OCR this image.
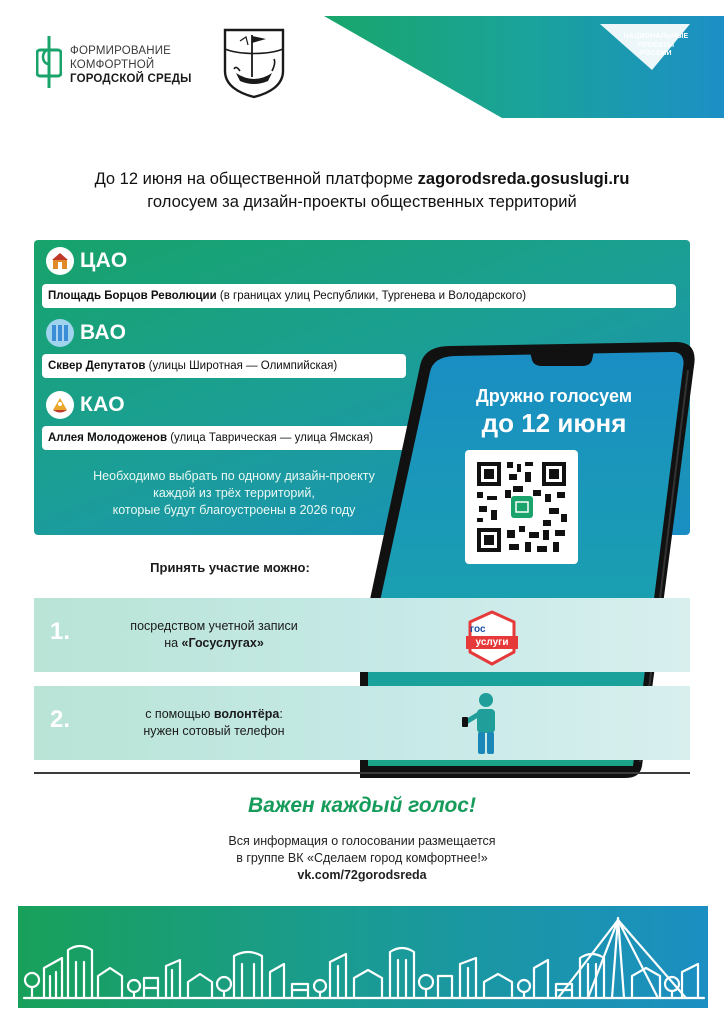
ФОРМИРОВАНИЕ
КОМФОРТНОЙ
ГОРОДСКОЙ СРЕДЫ
НАЦИОНАЛЬНЫЕ
ПРОЕКТЫ
РОССИИ
До 12 июня на общественной платформе zagorodsreda.gosuslugi.ru
голосуем за дизайн-проекты общественных территорий
ЦАО
Площадь Борцов Революции (в границах улиц Республики, Тургенева и Володарского)
ВАО
Сквер Депутатов (улицы Широтная — Олимпийская)
КАО
Аллея Молодоженов (улица Таврическая — улица Ямская)
Необходимо выбрать по одному дизайн-проекту
каждой из трёх территорий,
которые будут благоустроены в 2026 году
Дружно голосуем
до 12 июня
Принять участие можно:
1.	посредством учетной записи
на «Госуслугах»
гос
услуги
2.	с помощью волонтёра:
нужен сотовый телефон
Важен каждый голос!
Вся информация о голосовании размещается
в группе ВК «Сделаем город комфортнее!»
vk.com/72gorodsreda
